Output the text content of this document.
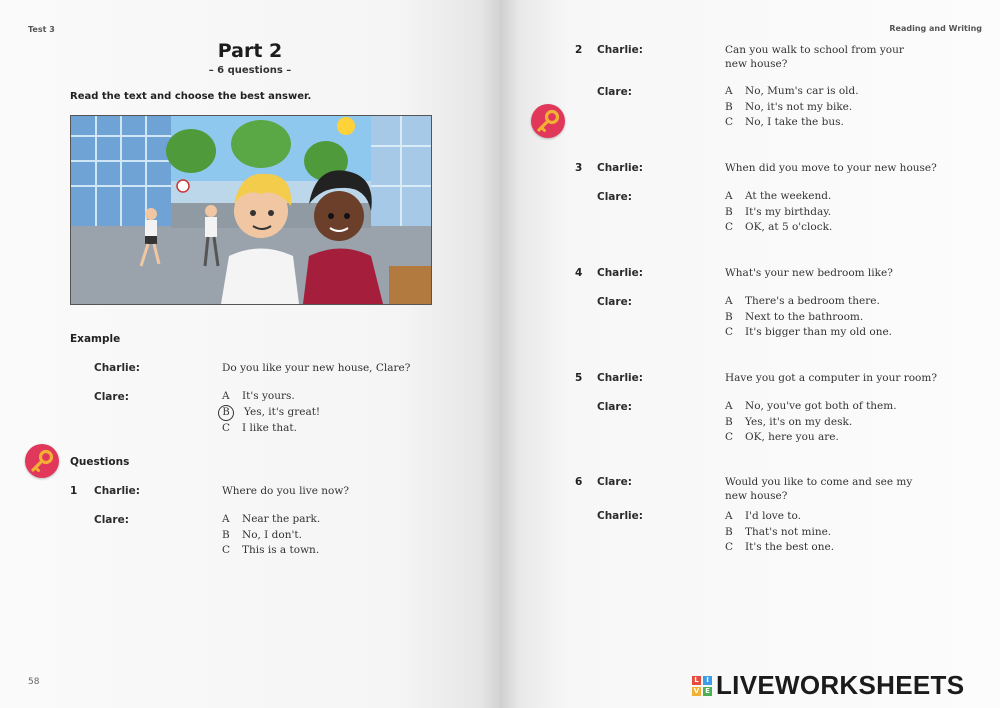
Test 3
Part 2
– 6 questions –
Read the text and choose the best answer.
Example
Charlie:	Do you like your new house, Clare?
Clare:	A It's yours.
B Yes, it's great!
C I like that.
Questions
1 Charlie:	Where do you live now?
Clare:	A Near the park.
B No, I don't.
C This is a town.
58
Reading and Writing
2 Charlie:	Can you walk to school from your
new house?
Clare:	A No, Mum's car is old.
B No, it's not my bike.
C No, I take the bus.
3 Charlie:	When did you move to your new house?
Clare:	A At the weekend.
B It's my birthday.
C OK, at 5 o'clock.
4 Charlie:	What's your new bedroom like?
Clare:	A There's a bedroom there.
B Next to the bathroom.
C It's bigger than my old one.
5 Charlie:	Have you got a computer in your room?
Clare:	A No, you've got both of them.
B Yes, it's on my desk.
C OK, here you are.
6 Clare:	Would you like to come and see my
new house?
Charlie:	A I'd love to.
B That's not mine.
C It's the best one.
L	I
V E LIVEWORKSHEETS
